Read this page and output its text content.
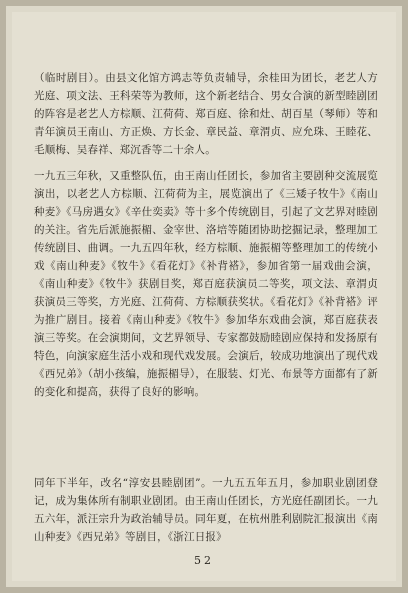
（临时剧目）。由县文化馆方鸿志等负责辅导，余桂田为团长，老艺人方光庭、项文法、王科荣等为教师，这个新老结合、男女合演的新型睦剧团的阵容是老艺人方棕顺、江荷荷、郑百庭、徐和灶、胡百星（琴师）等和青年演员王南山、方正焕、方长金、章民益、章渭贞、应允珠、王睦花、毛顺梅、吴春祥、郑沉香等二十余人。

一九五三年秋，又重整队伍，由王南山任团长，参加省主要剧种交流展览演出，以老艺人方棕顺、江荷荷为主，展览演出了《三矮子牧牛》《南山种麦》《马房遇女》《辛仕奕卖》等十多个传统剧目，引起了文艺界对睦剧的关注。省先后派施振楣、金宰世、洛培等随团协助挖掘记录，整理加工传统剧目、曲调。一九五四年秋，经方棕顺、施振楣等整理加工的传统小戏《南山种麦》《牧牛》《看花灯》《补背褡》，参加省第一届戏曲会演，《南山种麦》《牧牛》获剧目奖，郑百庭获演员二等奖，项文法、章渭贞获演员三等奖，方光庭、江荷荷、方棕顺获奖状。《看花灯》《补背褡》评为推广剧目。接着《南山种麦》《牧牛》参加华东戏曲会演，郑百庭获表演三等奖。在会演期间，文艺界领导、专家都鼓励睦剧应保持和发扬原有特色，向演家庭生活小戏和现代戏发展。会演后，较成功地演出了现代戏《西兄弟》（胡小孩编，施振楣导），在服装、灯光、布景等方面都有了新的变化和提高，获得了良好的影响。

同年下半年，改名“淳安县睦剧团”。一九五五年五月，参加职业剧团登记，成为集体所有制职业剧团。由王南山任团长，方光庭任副团长。一九五六年，派汪宗升为政治辅导员。同年夏，在杭州胜利剧院汇报演出《南山种麦》《西兄弟》等剧目，《浙江日报》

52
